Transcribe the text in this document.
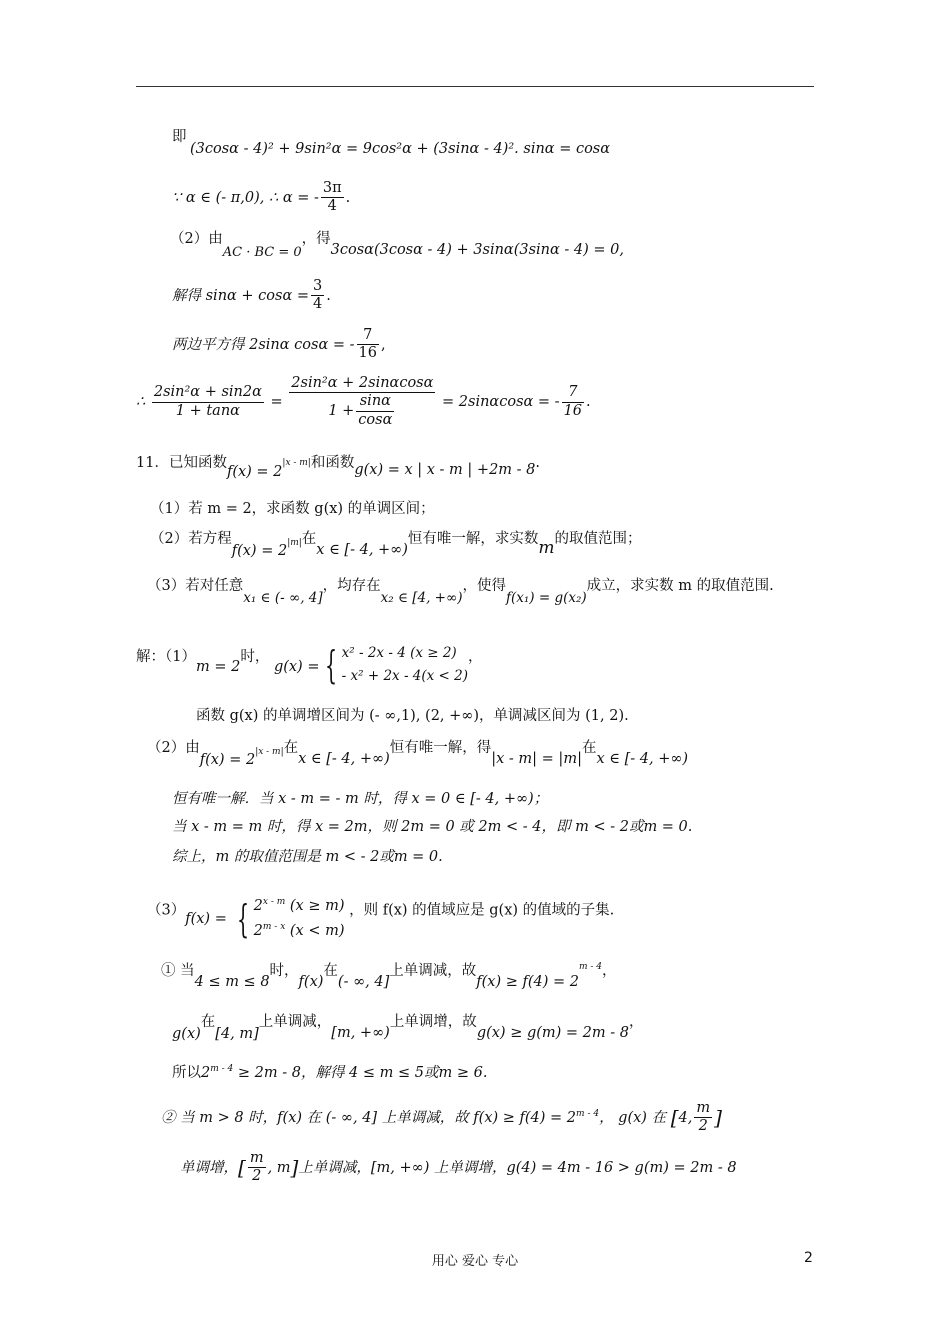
即
(3cosα - 4)² + 9sin²α = 9cos²α + (3sinα - 4)². sinα = cosα
∵ α ∈ (- π,0), ∴ α = - $\frac{3\pi}{4}$ .
（2）由AC · BC = 0，得3cosα(3cosα - 4) + 3sinα(3sinα - 4) = 0,
解得 $\sin\alpha + \cos\alpha = \frac{3}{4}$ .
两边平方得 2sinα cosα = - $\frac{7}{16}$ ,
∴ $\frac{\text{2sin²α + sin2α}}{1 + \tan\alpha} = \frac{\text{2sin²α + 2sinαcosα}}{1 + \frac{\sin\alpha}{\cos\alpha}} = 2\sin\alpha\cos\alpha$ = - $\frac{7}{16}$ .
11．已知函数f(x) = 2|x - m|和函数g(x) = x | x - m | +2m - 8.
（1）若 m = 2，求函数 g(x) 的单调区间；
（2）若方程f(x) = 2|m|在x ∈ [- 4, +∞)恒有唯一解，求实数m的取值范围；
（3）若对任意x₁ ∈ (- ∞, 4]，均存在x₂ ∈ [4, +∞)，使得f(x₁) = g(x₂)成立，求实数 m 的取值范围.
解：（1）m = 2时， g(x) = { x² - 2x - 4 (x ≥ 2)
- x² + 2x - 4(x < 2)
，
函数 g(x) 的单调增区间为 (- ∞,1), (2, +∞)，单调减区间为 (1, 2).
（2）由f(x) = 2|x - m|在x ∈ [- 4, +∞)恒有唯一解，得|x - m| = |m|在x ∈ [- 4, +∞)
恒有唯一解．当 x - m = - m 时，得 x = 0 ∈ [- 4, +∞)；
当 x - m = m 时，得 x = 2m，则 2m = 0 或 2m < - 4，即 m < - 2或m = 0.
综上，m 的取值范围是 m < - 2或m = 0.
（3）f(x) = { 2$^{x - m}$ (x ≥ m)
2$^{m - x}$ (x < m)
，则 f(x) 的值域应是 g(x) 的值域的子集.
① 当4 ≤ m ≤ 8时，f(x)在(- ∞, 4]上单调减，故$f(x) \ge f(4) = 2^{m - 4}$，
g(x)在[4, m]上单调减，[m, +∞)上单调增，故g(x) ≥ g(m) = 2m - 8，
所以$2^{m - 4} \ge 2m - 8$，解得 4 ≤ m ≤ 5或m ≥ 6.
② 当 m > 8 时，f(x) 在 (- ∞, 4] 上单调减，故 $f(x) \ge f(4) = 2^{m - 4}$， g(x) 在 [4, $\frac{m}{2}$ ]
单调增，[ $\frac{m}{2}$ , m]上单调减，[m, +∞) 上单调增，g(4) = 4m - 16 > g(m) = 2m - 8
用心 爱心 专心	2
